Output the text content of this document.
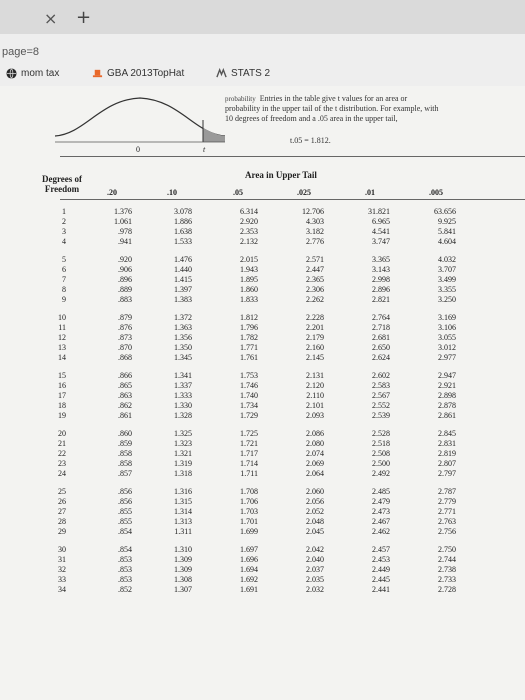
× +
page=8
mom tax	GBA 2013TopHat	STATS 2
0	t
probability Entries in the table give t values for an area or probability in the upper tail of the t distribution. For example, with 10 degrees of freedom and a .05 area in the upper tail,
t.05 = 1.812.
Area in Upper Tail
Degrees of Freedom	.20	.10	.05	.025	.01	.005
1	1.376	3.078	6.314	12.706	31.821	63.656
2	1.061	1.886	2.920	4.303	6.965	9.925
3	.978	1.638	2.353	3.182	4.541	5.841
4	.941	1.533	2.132	2.776	3.747	4.604
5	.920	1.476	2.015	2.571	3.365	4.032
6	.906	1.440	1.943	2.447	3.143	3.707
7	.896	1.415	1.895	2.365	2.998	3.499
8	.889	1.397	1.860	2.306	2.896	3.355
9	.883	1.383	1.833	2.262	2.821	3.250
10	.879	1.372	1.812	2.228	2.764	3.169
11	.876	1.363	1.796	2.201	2.718	3.106
12	.873	1.356	1.782	2.179	2.681	3.055
13	.870	1.350	1.771	2.160	2.650	3.012
14	.868	1.345	1.761	2.145	2.624	2.977
15	.866	1.341	1.753	2.131	2.602	2.947
16	.865	1.337	1.746	2.120	2.583	2.921
17	.863	1.333	1.740	2.110	2.567	2.898
18	.862	1.330	1.734	2.101	2.552	2.878
19	.861	1.328	1.729	2.093	2.539	2.861
20	.860	1.325	1.725	2.086	2.528	2.845
21	.859	1.323	1.721	2.080	2.518	2.831
22	.858	1.321	1.717	2.074	2.508	2.819
23	.858	1.319	1.714	2.069	2.500	2.807
24	.857	1.318	1.711	2.064	2.492	2.797
25	.856	1.316	1.708	2.060	2.485	2.787
26	.856	1.315	1.706	2.056	2.479	2.779
27	.855	1.314	1.703	2.052	2.473	2.771
28	.855	1.313	1.701	2.048	2.467	2.763
29	.854	1.311	1.699	2.045	2.462	2.756
30	.854	1.310	1.697	2.042	2.457	2.750
31	.853	1.309	1.696	2.040	2.453	2.744
32	.853	1.309	1.694	2.037	2.449	2.738
33	.853	1.308	1.692	2.035	2.445	2.733
34	.852	1.307	1.691	2.032	2.441	2.728
